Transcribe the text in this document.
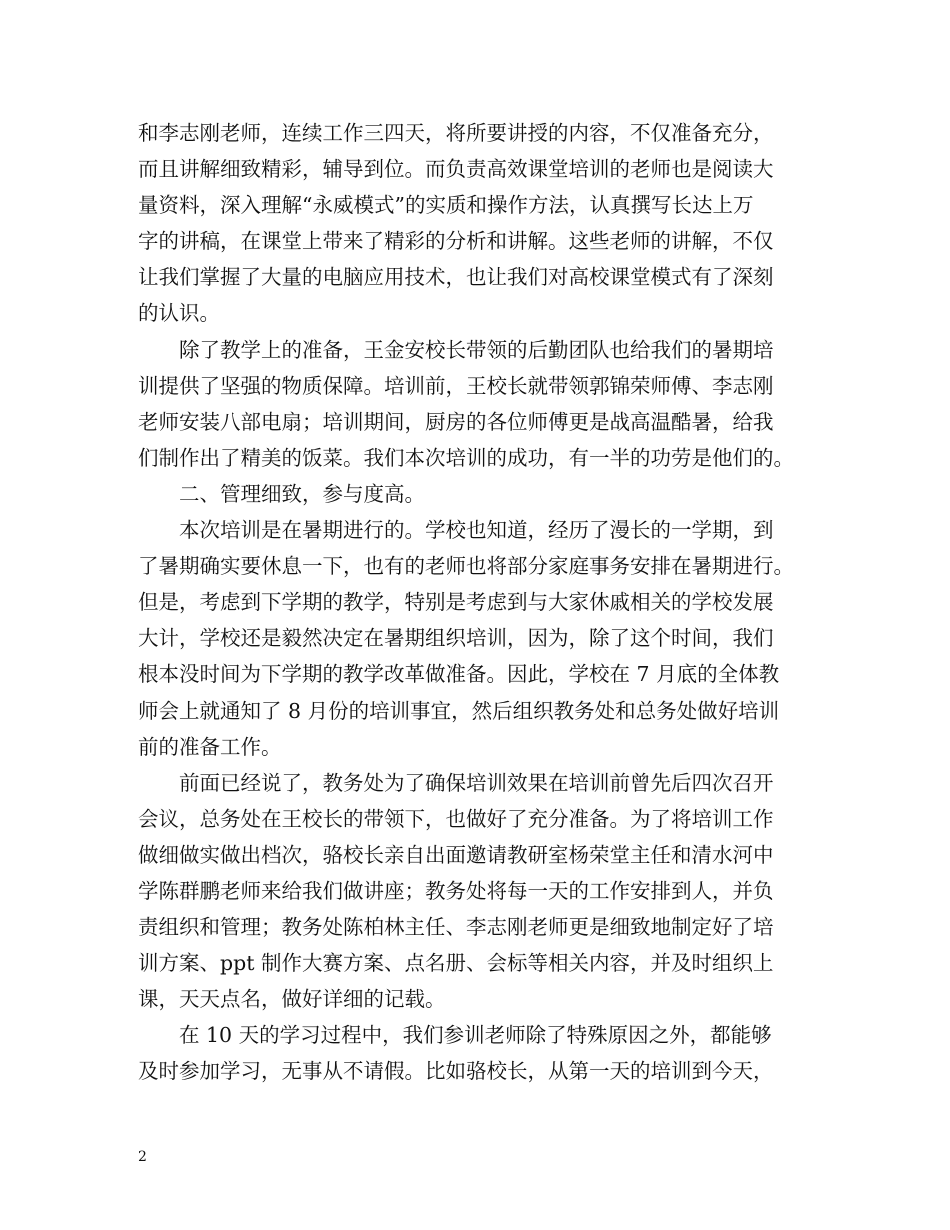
和李志刚老师，连续工作三四天，将所要讲授的内容，不仅准备充分，
而且讲解细致精彩，辅导到位。而负责高效课堂培训的老师也是阅读大
量资料，深入理解“永威模式”的实质和操作方法，认真撰写长达上万
字的讲稿，在课堂上带来了精彩的分析和讲解。这些老师的讲解，不仅
让我们掌握了大量的电脑应用技术，也让我们对高校课堂模式有了深刻
的认识。
　　除了教学上的准备，王金安校长带领的后勤团队也给我们的暑期培
训提供了坚强的物质保障。培训前，王校长就带领郭锦荣师傅、李志刚
老师安装八部电扇；培训期间，厨房的各位师傅更是战高温酷暑，给我
们制作出了精美的饭菜。我们本次培训的成功，有一半的功劳是他们的。
　　二、管理细致，参与度高。
　　本次培训是在暑期进行的。学校也知道，经历了漫长的一学期，到
了暑期确实要休息一下，也有的老师也将部分家庭事务安排在暑期进行。
但是，考虑到下学期的教学，特别是考虑到与大家休戚相关的学校发展
大计，学校还是毅然决定在暑期组织培训，因为，除了这个时间，我们
根本没时间为下学期的教学改革做准备。因此，学校在 7 月底的全体教
师会上就通知了 8 月份的培训事宜，然后组织教务处和总务处做好培训
前的准备工作。
　　前面已经说了，教务处为了确保培训效果在培训前曾先后四次召开
会议，总务处在王校长的带领下，也做好了充分准备。为了将培训工作
做细做实做出档次，骆校长亲自出面邀请教研室杨荣堂主任和清水河中
学陈群鹏老师来给我们做讲座；教务处将每一天的工作安排到人，并负
责组织和管理；教务处陈柏林主任、李志刚老师更是细致地制定好了培
训方案、ppt 制作大赛方案、点名册、会标等相关内容，并及时组织上
课，天天点名，做好详细的记载。
　　在 10 天的学习过程中，我们参训老师除了特殊原因之外，都能够
及时参加学习，无事从不请假。比如骆校长，从第一天的培训到今天，
2
